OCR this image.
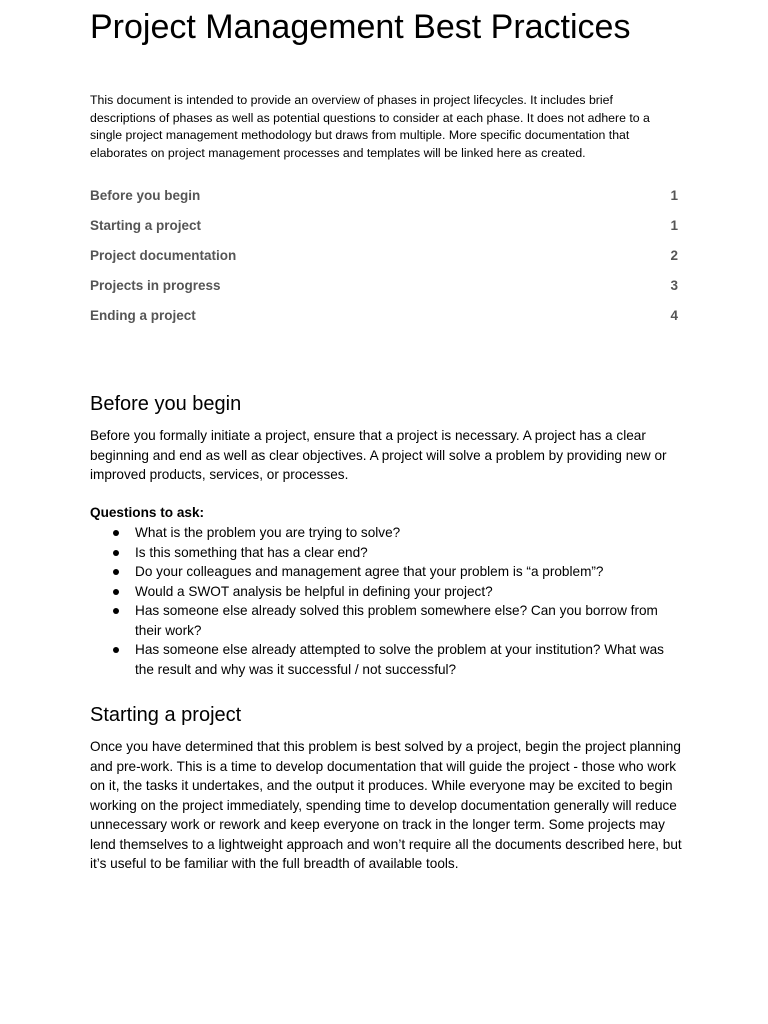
Project Management Best Practices

This document is intended to provide an overview of phases in project lifecycles. It includes brief descriptions of phases as well as potential questions to consider at each phase. It does not adhere to a single project management methodology but draws from multiple. More specific documentation that elaborates on project management processes and templates will be linked here as created.

Before you begin	1
Starting a project	1
Project documentation	2
Projects in progress	3
Ending a project	4
Before you begin

Before you formally initiate a project, ensure that a project is necessary. A project has a clear beginning and end as well as clear objectives. A project will solve a problem by providing new or improved products, services, or processes.

Questions to ask:

What is the problem you are trying to solve?
Is this something that has a clear end?
Do your colleagues and management agree that your problem is “a problem”?
Would a SWOT analysis be helpful in defining your project?
Has someone else already solved this problem somewhere else? Can you borrow from their work?
Has someone else already attempted to solve the problem at your institution? What was the result and why was it successful / not successful?
Starting a project

Once you have determined that this problem is best solved by a project, begin the project planning and pre-work. This is a time to develop documentation that will guide the project - those who work on it, the tasks it undertakes, and the output it produces. While everyone may be excited to begin working on the project immediately, spending time to develop documentation generally will reduce unnecessary work or rework and keep everyone on track in the longer term. Some projects may lend themselves to a lightweight approach and won’t require all the documents described here, but it’s useful to be familiar with the full breadth of available tools.
